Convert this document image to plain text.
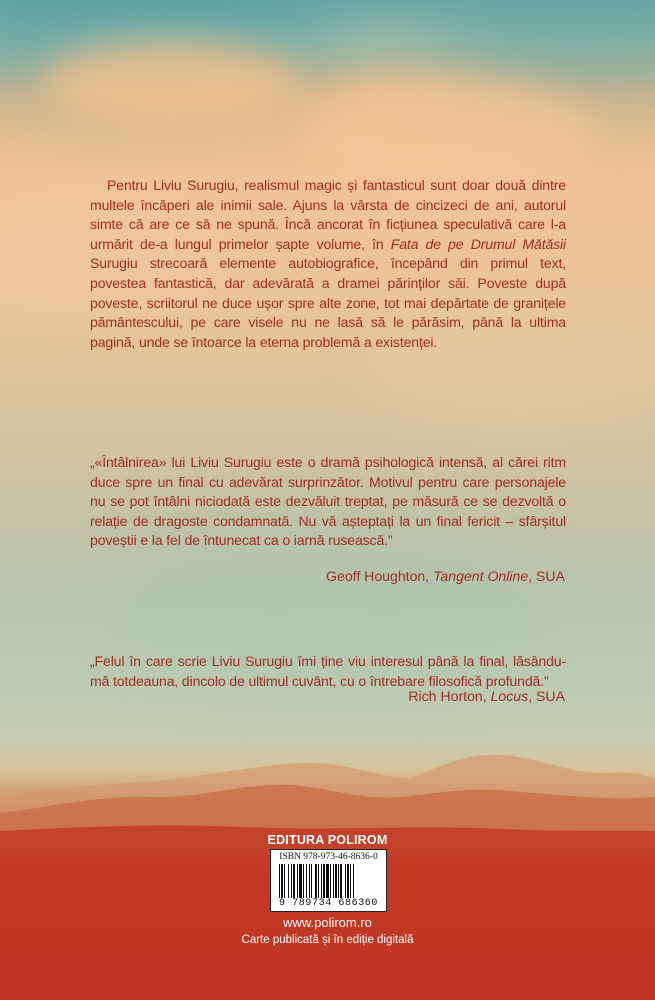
Pentru Liviu Surugiu, realismul magic și fantasticul sunt doar două dintre multele încăperi ale inimii sale. Ajuns la vârsta de cincizeci de ani, autorul simte că are ce să ne spună. Încă ancorat în ficțiunea speculativă care l-a urmărit de-a lungul primelor șapte volume, în Fata de pe Drumul Mătăsii Surugiu strecoară elemente autobiografice, începând din primul text, povestea fantastică, dar adevărată a dramei părinților săi. Poveste după poveste, scriitorul ne duce ușor spre alte zone, tot mai depărtate de granițele pământescului, pe care visele nu ne lasă să le părăsim, până la ultima pagină, unde se întoarce la eterna problemă a existenței.
„«Întâlnirea» lui Liviu Surugiu este o dramă psihologică intensă, al cărei ritm duce spre un final cu adevărat surprinzător. Motivul pentru care personajele nu se pot întâlni niciodată este dezvăluit treptat, pe măsură ce se dezvoltă o relație de dragoste condamnată. Nu vă așteptați la un final fericit – sfârșitul poveștii e la fel de întunecat ca o iarnă rusească.”
Geoff Houghton, Tangent Online, SUA
„Felul în care scrie Liviu Surugiu îmi ține viu interesul până la final, lăsându-mă totdeauna, dincolo de ultimul cuvânt, cu o întrebare filosofică profundă.”
Rich Horton, Locus, SUA
EDITURA POLIROM
ISBN 978-973-46-8636-0
9 789734 686360
www.polirom.ro
Carte publicată și în ediție digitală
